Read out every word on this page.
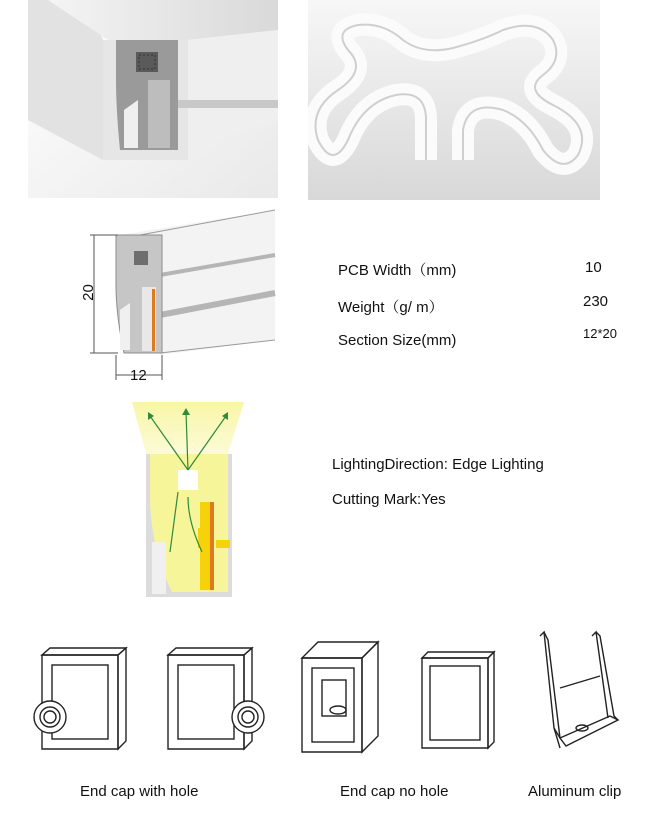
20
12
PCB Width（mm)	10
Weight（g/ m）	230
Section Size(mm)	12*20
LightingDirection: Edge Lighting
Cutting Mark:Yes
End cap with hole	End cap no hole	Aluminum clip
